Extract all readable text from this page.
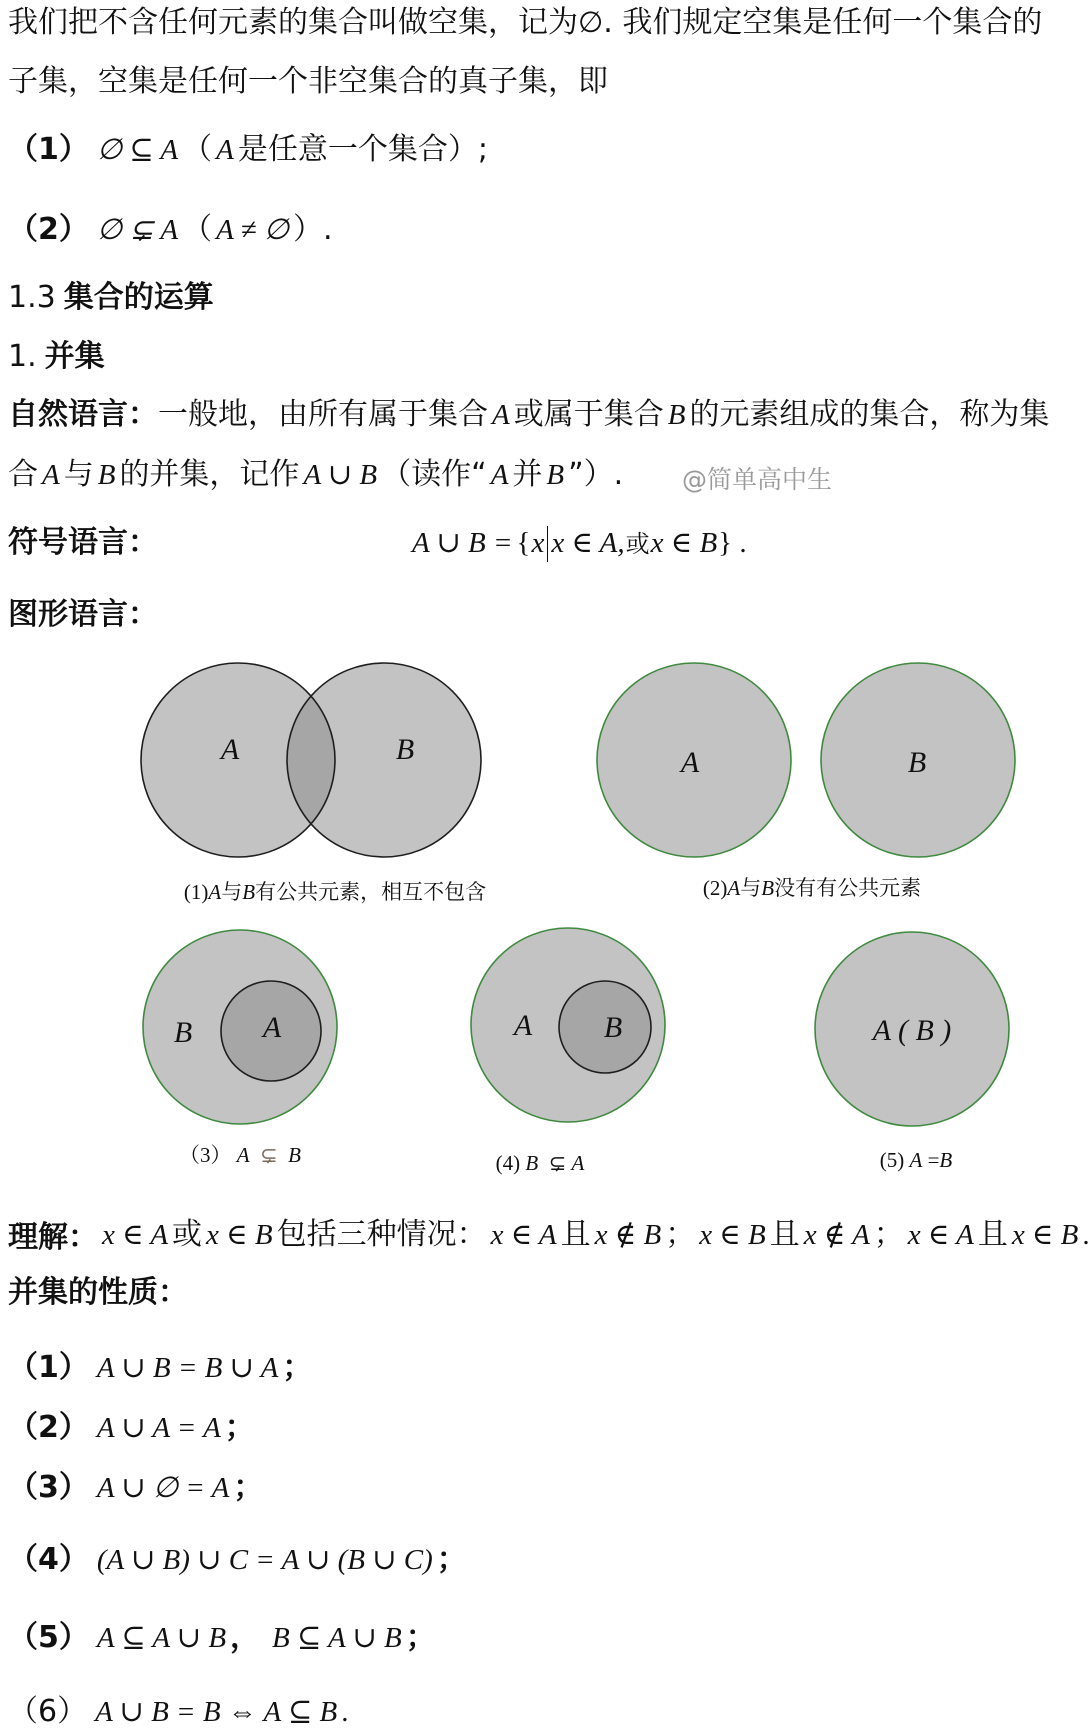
我们把不含任何元素的集合叫做空集，记为∅. 我们规定空集是任何一个集合的
子集，空集是任何一个非空集合的真子集，即
（1） ∅ ⊆ A （ A 是任意一个集合）;
（2） ∅ ⊊ A （ A ≠ ∅ ）.
1.3 集合的运算
1. 并集
自然语言：一般地，由所有属于集合 A 或属于集合 B 的元素组成的集合，称为集
合 A 与 B 的并集，记作 A ∪ B （读作“ A 并 B ”）. @简单高中生
符号语言：	A ∪ B = {x x ∈ A,或x ∈ B} .
图形语言：
A	B
(1)A与B有公共元素，相互不包含
A	B
(2)A与B没有有公共元素
B A
（3） A  ⊊  B
A B
(4) B  ⊊ A
A ( B )
(5) A =B
理解： x ∈ A 或 x ∈ B 包括三种情况： x ∈ A 且 x ∉ B ； x ∈ B 且 x ∉ A ； x ∈ A 且 x ∈ B .
并集的性质：
（1） A ∪ B = B ∪ A ；
（2） A ∪ A = A ；
（3） A ∪ ∅ = A ；
（4） (A ∪ B) ∪ C = A ∪ (B ∪ C) ；
（5） A ⊆ A ∪ B ， B ⊆ A ∪ B ；
（6） A ∪ B = B ⇔ A ⊆ B .
